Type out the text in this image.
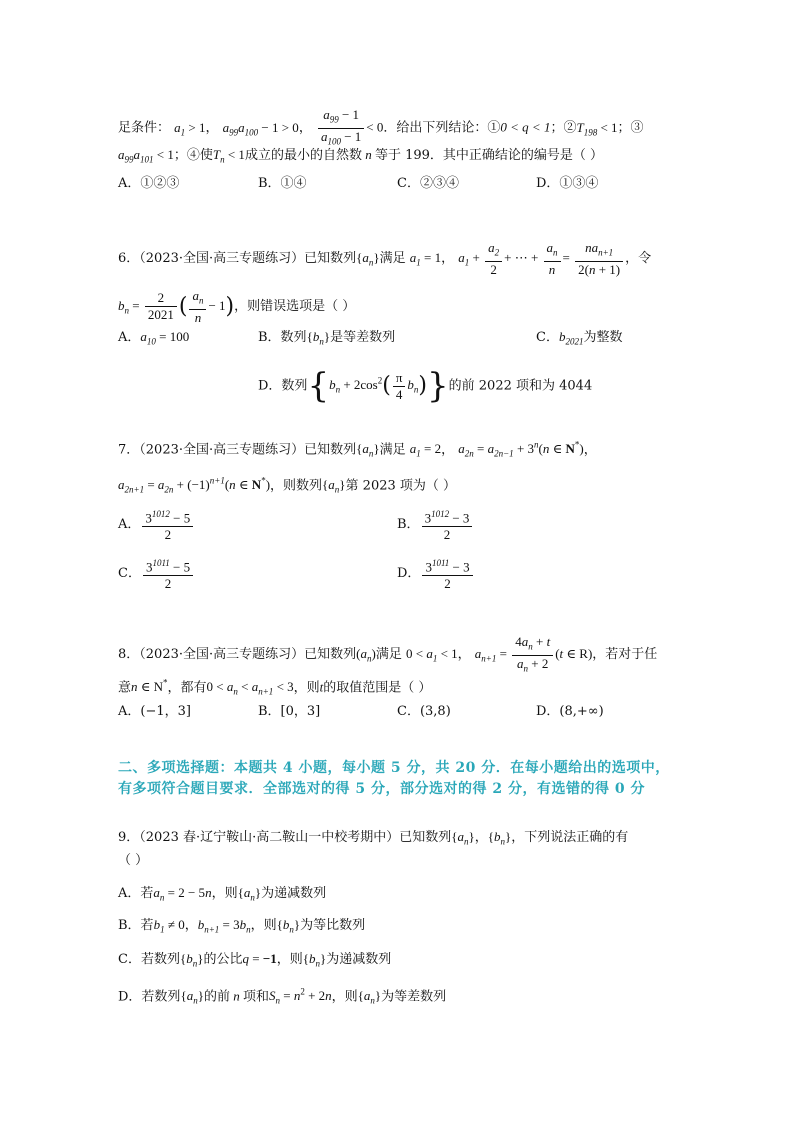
足条件： $a_1 > 1$， $a_{99}a_{100} - 1 > 0$， $\frac{a_{99} - 1}{a_{100} - 1} < 0$．给出下列结论：①0 < q < 1；$②T_{198} < 1$；③
$a_{99}a_{101} < 1$；④使$T_n < 1$成立的最小的自然数 n 等于 199．其中正确结论的编号是（ ）
A．①②③	B．①④	C．②③④	D．①③④
6．（2023·全国·高三专题练习）已知数列$\{a_n\}$满足 $a_1 = 1$， $a_1 + \frac{a_2}{2}$ + ⋯ + $\frac{a_n}{n} = \frac{na_{n+1}}{2(n + 1)}$ ，令
$b_n = \frac{2}{2021}$ ( $\frac{a_n}{n} - 1$)，则错误选项是（ ）
A．$a_{10} = 100$	B．数列$\{b_n\}$是等差数列	C．$b_{2021}$为整数
D．数列$\{b_n + 2\cos^2( \frac{\pi}{4} b_n)\}$的前 2022 项和为 4044
7．（2023·全国·高三专题练习）已知数列$\{a_n\}$满足 $a_1 = 2$， $a_{2n} = a_{2n-1} + 3^n(n$ ∈ N*)，
$a_{2n+1} = a_{2n} + (-1)^{n+1}(n$ ∈ N*)，则数列$\{a_n\}$第 2023 项为（ ）
A． $\frac{3^{1012} - 5}{2}$	B． $\frac{3^{1012} - 3}{2}$
C． $\frac{3^{1011} - 5}{2}$	D． $\frac{3^{1011} - 3}{2}$
8．（2023·全国·高三专题练习）已知数列$(a_n)$满足 $0 < a_1 < 1$， $a_{n+1} = \frac{4a_n + t}{a_n + 2} (t$ ∈ R)，若对于任
意n ∈ N*，都有$0 < a_n < a_{n+1} < 3$，则t的取值范围是（ ）
A．(−1，3]	B．[0，3]	C．(3,8)	D．(8,+∞)
二、多项选择题：本题共 4 小题，每小题 5 分，共 20 分．在每小题给出的选项中，有多项符合题目要求．全部选对的得 5 分，部分选对的得 2 分，有选错的得 0 分
9．（2023 春·辽宁鞍山·高二鞍山一中校考期中）已知数列$\{a_n\}$，$\{b_n\}$，下列说法正确的有
（ ）
A．若$a_n = 2 - 5n$，则$\{a_n\}$为递减数列
B．若$b_1 \ne 0$，$b_{n+1} = 3b_n$，则$\{b_n\}$为等比数列
C．若数列$\{b_n\}$的公比q = −1，则$\{b_n\}$为递减数列
D．若数列$\{a_n\}$的前 n 项和$S_n = n^2 + 2n$，则$\{a_n\}$为等差数列
